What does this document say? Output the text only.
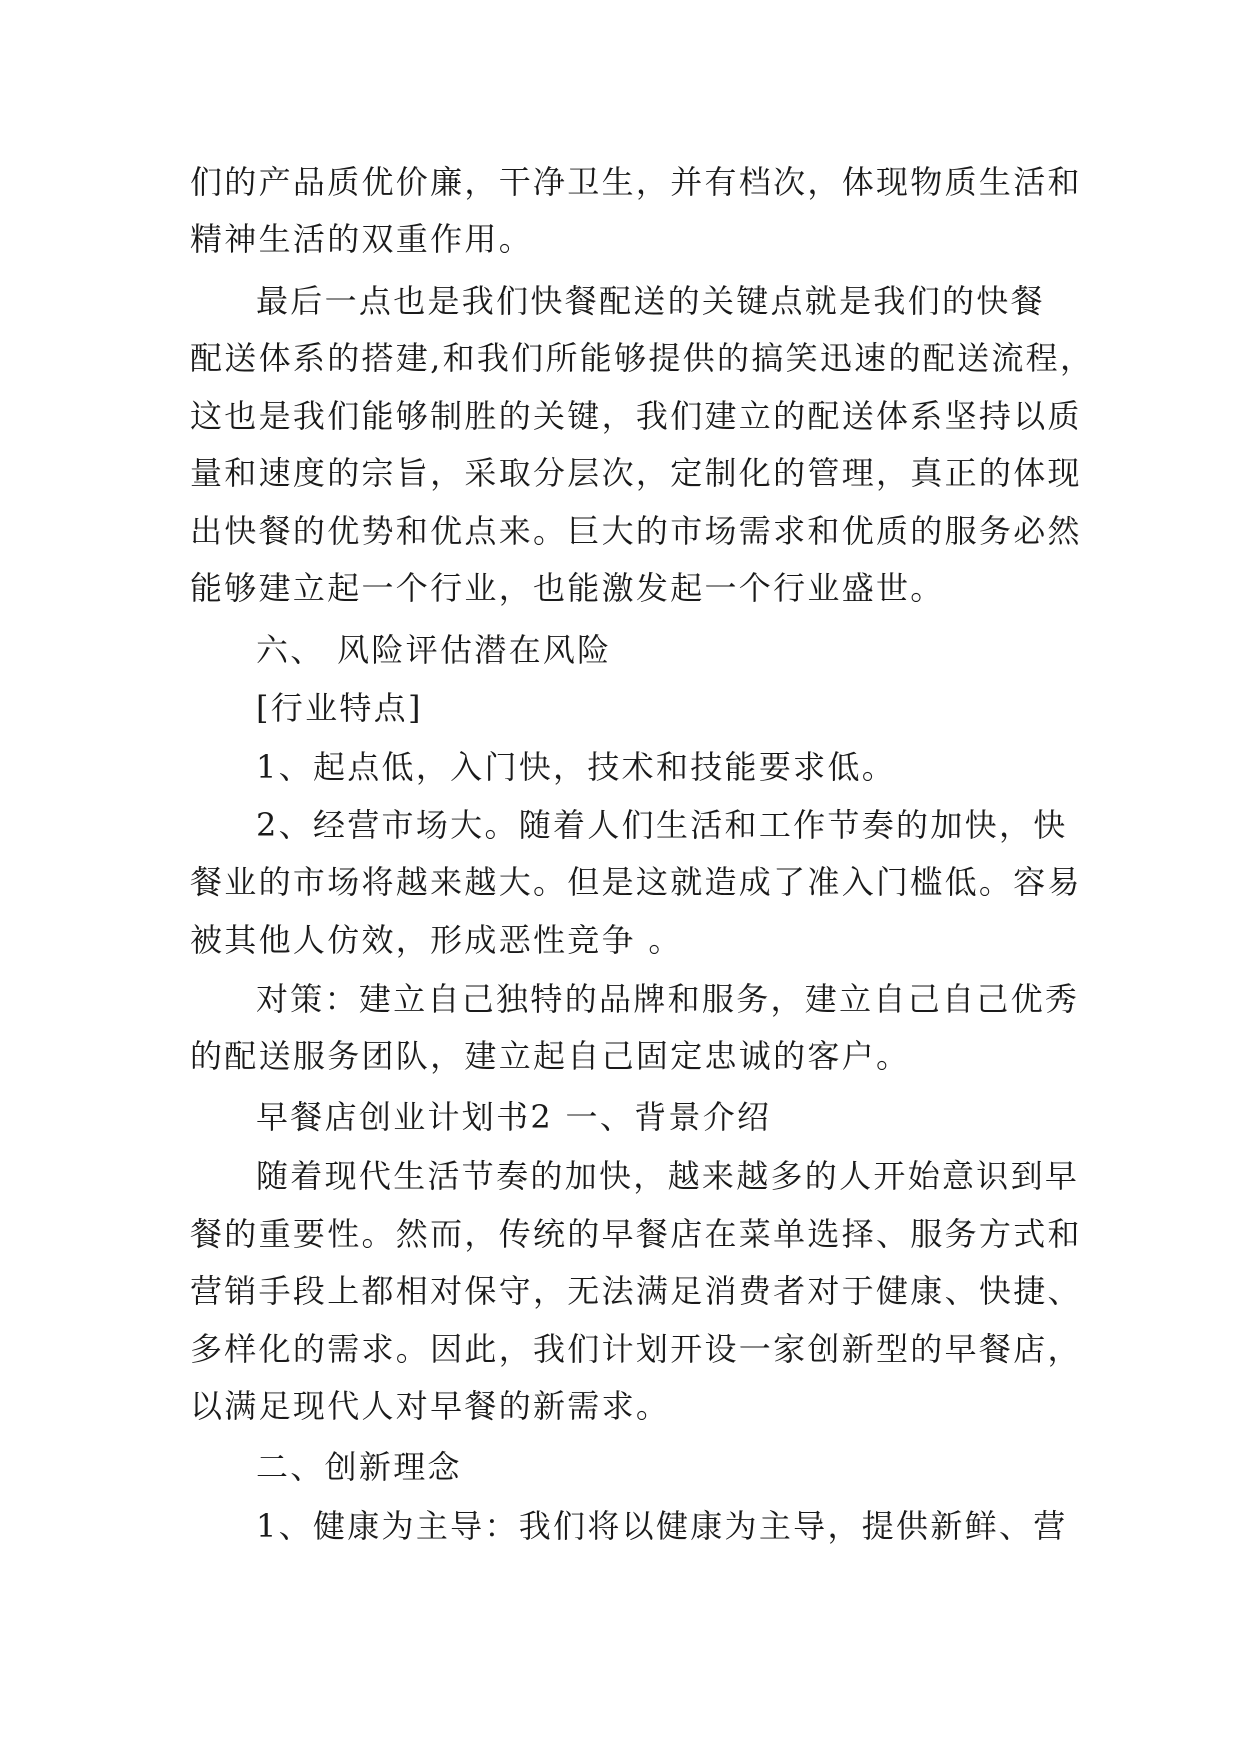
们的产品质优价廉，干净卫生，并有档次，体现物质生活和
精神生活的双重作用。
最后一点也是我们快餐配送的关键点就是我们的快餐
配送体系的搭建,和我们所能够提供的搞笑迅速的配送流程，
这也是我们能够制胜的关键，我们建立的配送体系坚持以质
量和速度的宗旨，采取分层次，定制化的管理，真正的体现
出快餐的优势和优点来。巨大的市场需求和优质的服务必然
能够建立起一个行业，也能激发起一个行业盛世。
六、 风险评估潜在风险
[行业特点]
1、起点低，入门快，技术和技能要求低。
2、经营市场大。随着人们生活和工作节奏的加快，快
餐业的市场将越来越大。但是这就造成了准入门槛低。容易
被其他人仿效，形成恶性竞争 。
对策：建立自己独特的品牌和服务，建立自己自己优秀
的配送服务团队，建立起自己固定忠诚的客户。
早餐店创业计划书2 一、背景介绍
随着现代生活节奏的加快，越来越多的人开始意识到早
餐的重要性。然而，传统的早餐店在菜单选择、服务方式和
营销手段上都相对保守，无法满足消费者对于健康、快捷、
多样化的需求。因此，我们计划开设一家创新型的早餐店，
以满足现代人对早餐的新需求。
二、创新理念
1、健康为主导：我们将以健康为主导，提供新鲜、营
